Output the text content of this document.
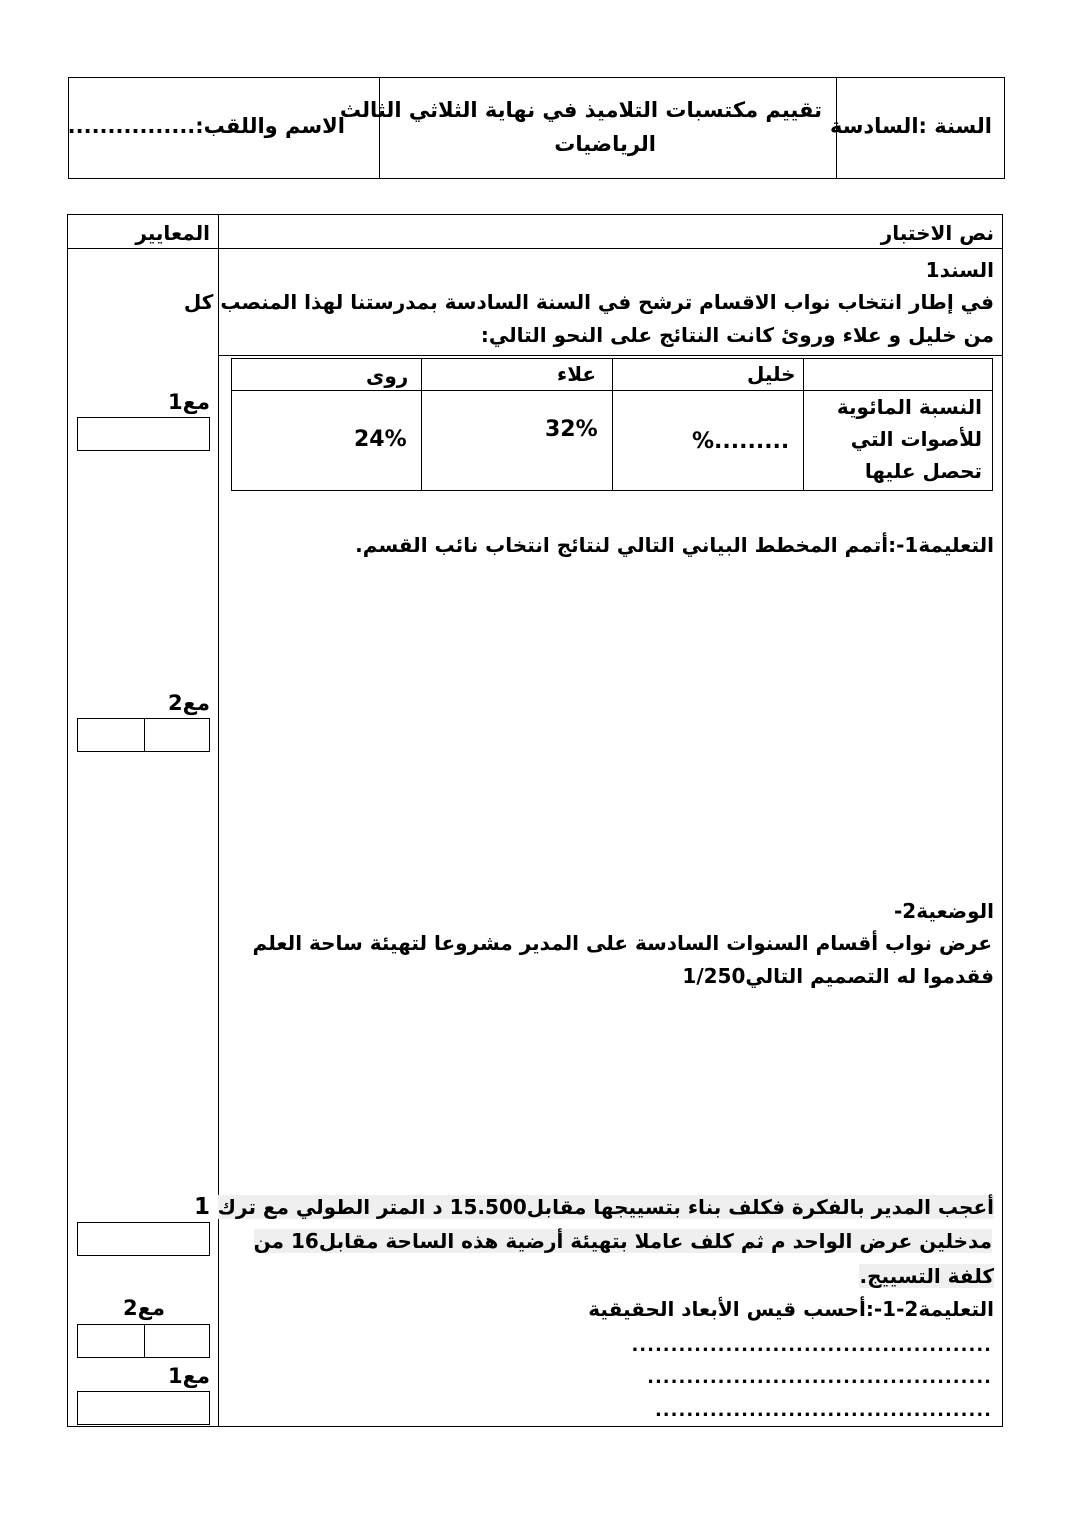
السنة :السادسة
تقييم مكتسبات التلاميذ في نهاية الثلاثي الثالث
الرياضيات
الاسم واللقب:................
نص الاختبار
المعايير
السند1
في إطار انتخاب نواب الاقسام ترشح في السنة السادسة بمدرستنا لهذا المنصب كل
من خليل و علاء وروئ كانت النتائج على النحو التالي:
خليل
علاء
روى
النسبة المائوية
للأصوات التي
تحصل عليها
%.........
32%
24%
التعليمة1-:أتمم المخطط البياني التالي لنتائج انتخاب نائب القسم.
الوضعية2-
عرض نواب أقسام السنوات السادسة على المدير مشروعا لتهيئة ساحة العلم
فقدموا له التصميم التالي1/250
أعجب المدير بالفكرة فكلف بناء بتسييجها مقابل15.500 د المتر الطولي مع ترك
مدخلين عرض الواحد م ثم كلف عاملا بتهيئة أرضية هذه الساحة مقابل16 من
كلفة التسييج.
التعليمة2-1-:أحسب قيس الأبعاد الحقيقية
..............................................
............................................
...........................................
مع1
مع2
1
مع2
مع1
